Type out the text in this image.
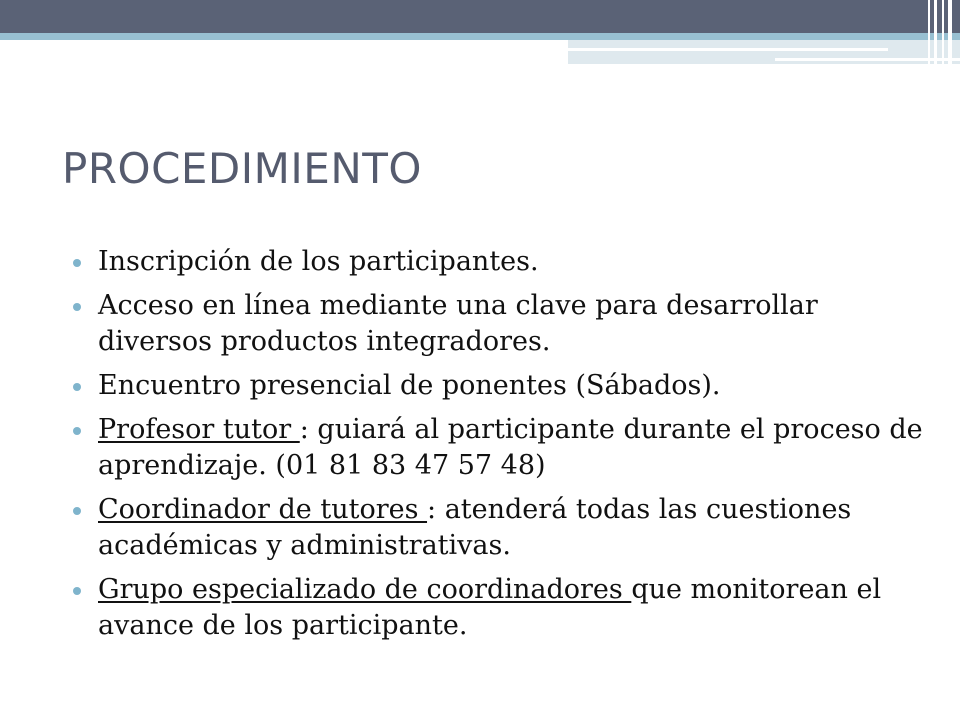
PROCEDIMIENTO
Inscripción de los participantes.
Acceso en línea mediante una clave para desarrollar diversos productos integradores.
Encuentro presencial de ponentes (Sábados).
Profesor tutor : guiará al participante durante el proceso de aprendizaje. (01 81 83 47 57 48)
Coordinador de tutores : atenderá todas las cuestiones académicas y administrativas.
Grupo especializado de coordinadores que monitorean el avance de los participante.
